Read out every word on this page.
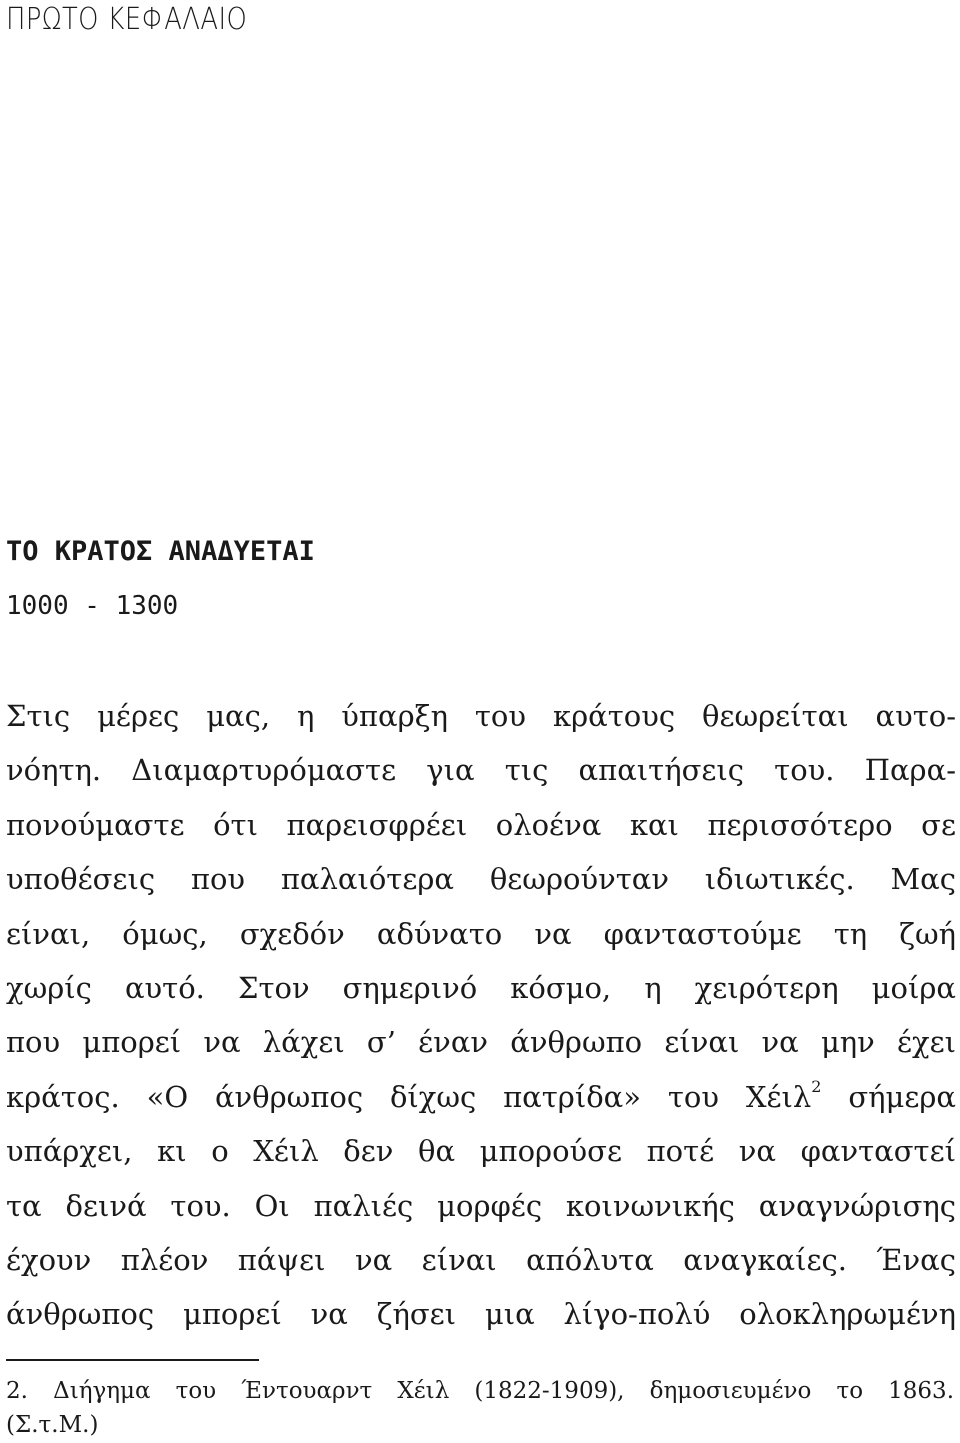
ΠΡΩΤΟ ΚΕΦΑΛΑΙΟ
ΤΟ ΚΡΑΤΟΣ ΑΝΑΔΥΕΤΑΙ
1000 - 1300
Στις μέρες μας, η ύπαρξη του κράτους θεωρείται αυτο-
νόητη. Διαμαρτυρόμαστε για τις απαιτήσεις του. Παρα-
πονούμαστε ότι παρεισφρέει ολοένα και περισσότερο σε
υποθέσεις που παλαιότερα θεωρούνταν ιδιωτικές. Μας
είναι, όμως, σχεδόν αδύνατο να φανταστούμε τη ζωή
χωρίς αυτό. Στον σημερινό κόσμο, η χειρότερη μοίρα
που μπορεί να λάχει σ’ έναν άνθρωπο είναι να μην έχει
κράτος. «Ο άνθρωπος δίχως πατρίδα» του Χέιλ$^2$ σήμερα
υπάρχει, κι ο Χέιλ δεν θα μπορούσε ποτέ να φανταστεί
τα δεινά του. Οι παλιές μορφές κοινωνικής αναγνώρισης
έχουν πλέον πάψει να είναι απόλυτα αναγκαίες. Ένας
άνθρωπος μπορεί να ζήσει μια λίγο-πολύ ολοκληρωμένη
2. Διήγημα του Έντουαρντ Χέιλ (1822-1909), δημοσιευμένο το 1863.
(Σ.τ.Μ.)
